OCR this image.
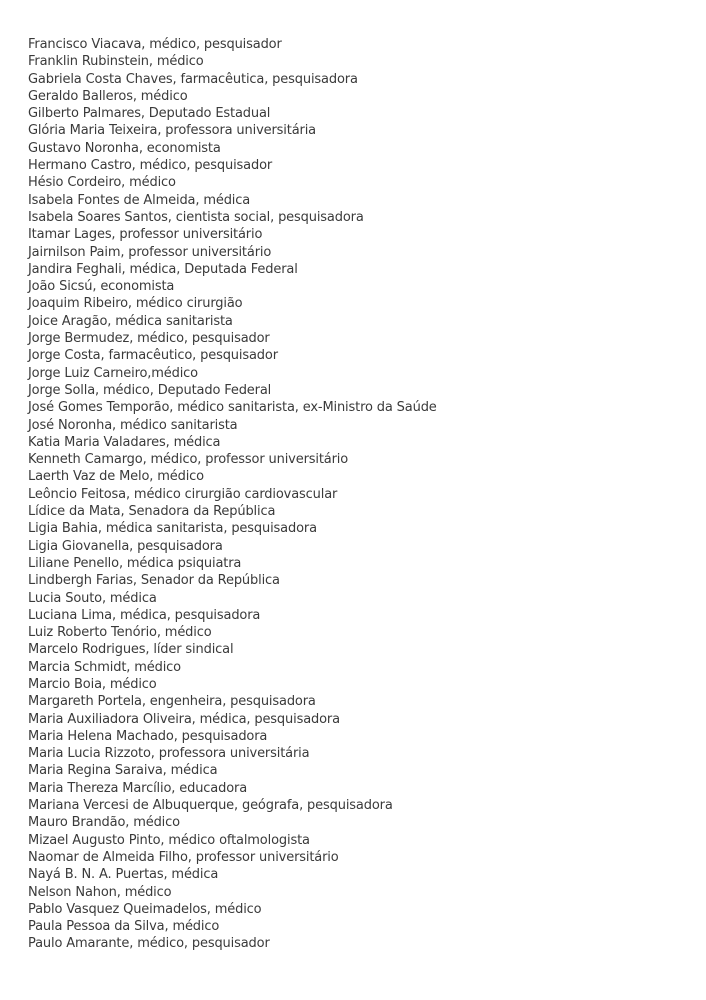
Francisco Viacava, médico, pesquisador
Franklin Rubinstein, médico
Gabriela Costa Chaves, farmacêutica, pesquisadora
Geraldo Balleros, médico
Gilberto Palmares, Deputado Estadual
Glória Maria Teixeira, professora universitária
Gustavo Noronha, economista
Hermano Castro, médico, pesquisador
Hésio Cordeiro, médico
Isabela Fontes de Almeida, médica
Isabela Soares Santos, cientista social, pesquisadora
Itamar Lages, professor universitário
Jairnilson Paim, professor universitário
Jandira Feghali, médica, Deputada Federal
João Sicsú, economista
Joaquim Ribeiro, médico cirurgião
Joice Aragão, médica sanitarista
Jorge Bermudez, médico, pesquisador
Jorge Costa, farmacêutico, pesquisador
Jorge Luiz Carneiro,médico
Jorge Solla, médico, Deputado Federal
José Gomes Temporão, médico sanitarista, ex-Ministro da Saúde
José Noronha, médico sanitarista
Katia Maria Valadares, médica
Kenneth Camargo, médico, professor universitário
Laerth Vaz de Melo, médico
Leôncio Feitosa, médico cirurgião cardiovascular
Lídice da Mata, Senadora da República
Ligia Bahia, médica sanitarista, pesquisadora
Ligia Giovanella, pesquisadora
Liliane Penello, médica psiquiatra
Lindbergh Farias, Senador da República
Lucia Souto, médica
Luciana Lima, médica, pesquisadora
Luiz Roberto Tenório, médico
Marcelo Rodrigues, líder sindical
Marcia Schmidt, médico
Marcio Boia, médico
Margareth Portela, engenheira, pesquisadora
Maria Auxiliadora Oliveira, médica, pesquisadora
Maria Helena Machado, pesquisadora
Maria Lucia Rizzoto, professora universitária
Maria Regina Saraiva, médica
Maria Thereza Marcílio, educadora
Mariana Vercesi de Albuquerque, geógrafa, pesquisadora
Mauro Brandão, médico
Mizael Augusto Pinto, médico oftalmologista
Naomar de Almeida Filho, professor universitário
Nayá B. N. A. Puertas, médica
Nelson Nahon, médico
Pablo Vasquez Queimadelos, médico
Paula Pessoa da Silva, médico
Paulo Amarante, médico, pesquisador
